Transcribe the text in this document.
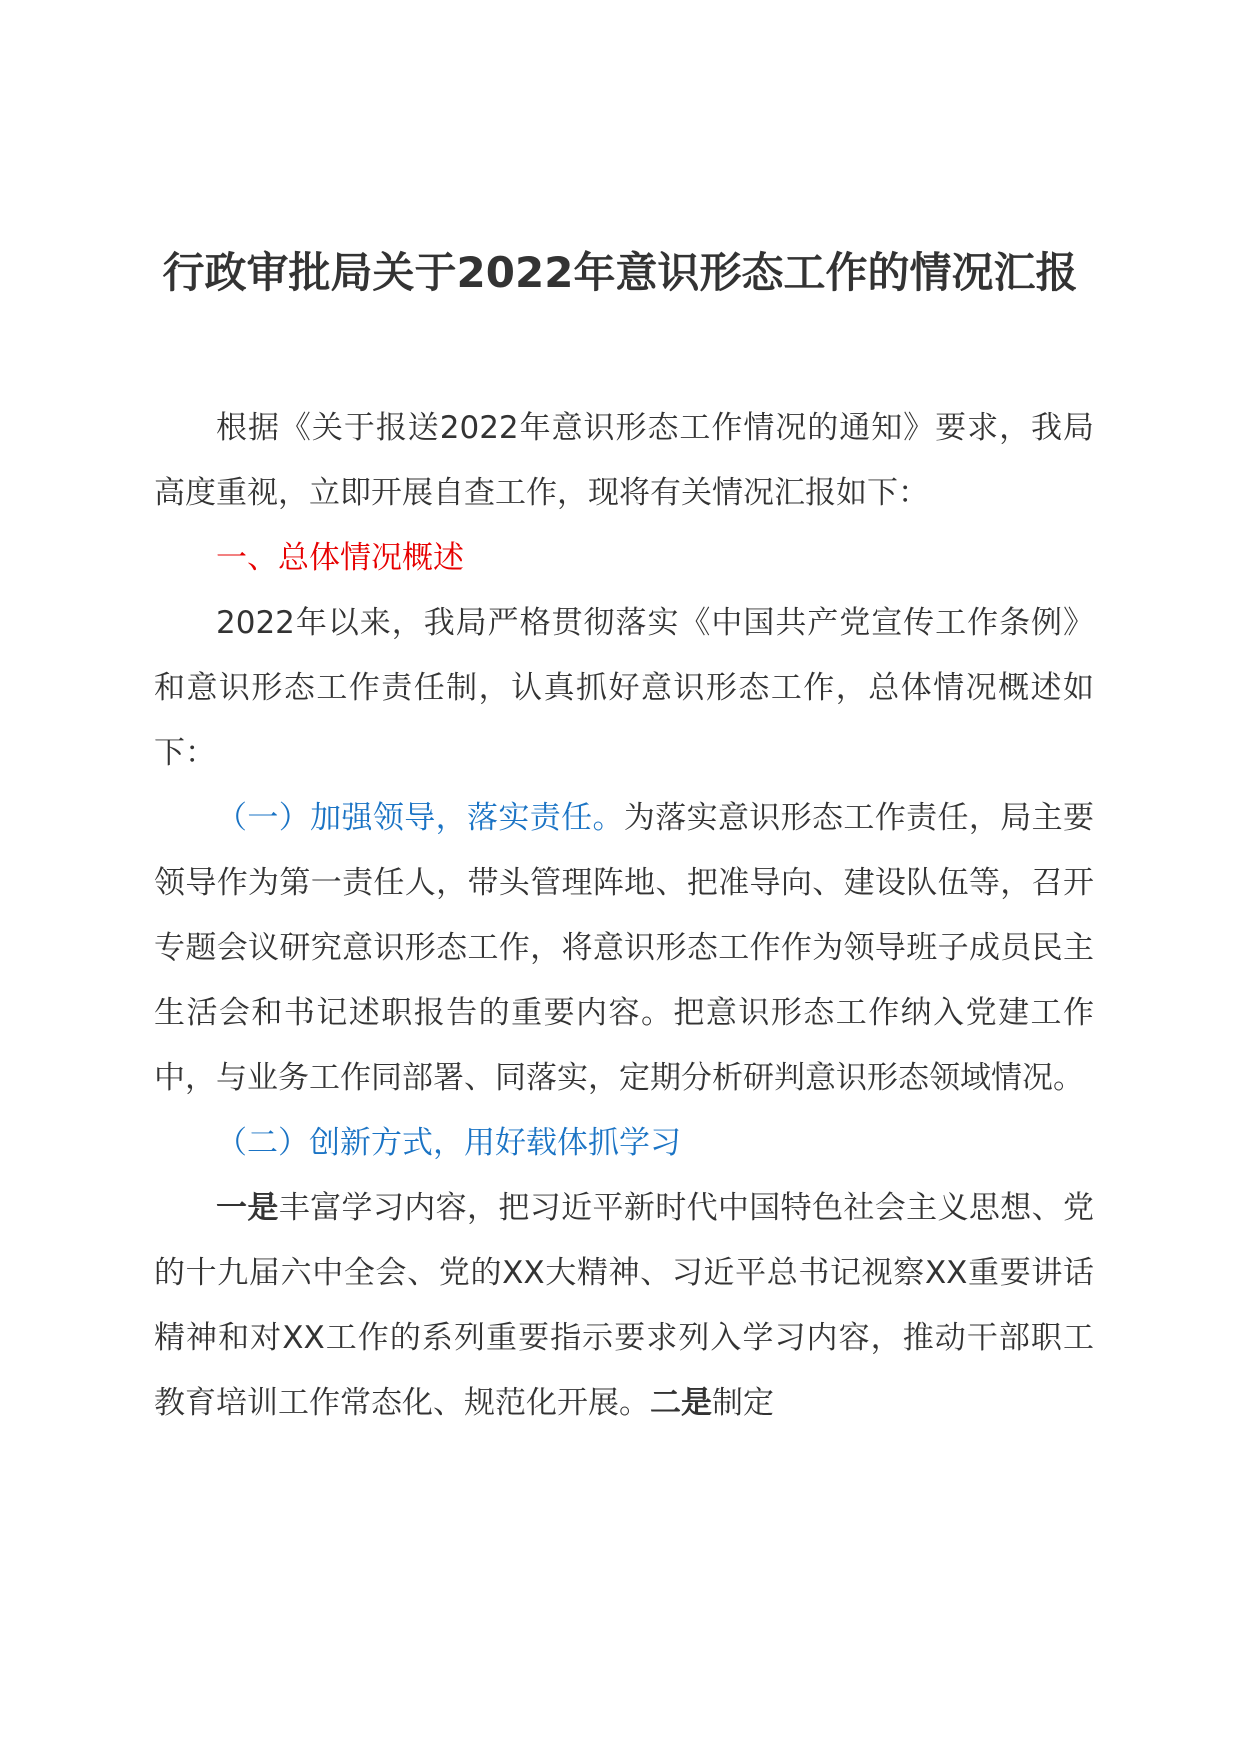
行政审批局关于2022年意识形态工作的情况汇报

根据《关于报送2022年意识形态工作情况的通知》要求，我局高度重视，立即开展自查工作，现将有关情况汇报如下：

一、总体情况概述

2022年以来，我局严格贯彻落实《中国共产党宣传工作条例》和意识形态工作责任制，认真抓好意识形态工作，总体情况概述如下：

（一）加强领导，落实责任。为落实意识形态工作责任，局主要领导作为第一责任人，带头管理阵地、把准导向、建设队伍等，召开专题会议研究意识形态工作，将意识形态工作作为领导班子成员民主生活会和书记述职报告的重要内容。把意识形态工作纳入党建工作中，与业务工作同部署、同落实，定期分析研判意识形态领域情况。

（二）创新方式，用好载体抓学习

一是丰富学习内容，把习近平新时代中国特色社会主义思想、党的十九届六中全会、党的XX大精神、习近平总书记视察XX重要讲话精神和对XX工作的系列重要指示要求列入学习内容，推动干部职工教育培训工作常态化、规范化开展。二是制定
